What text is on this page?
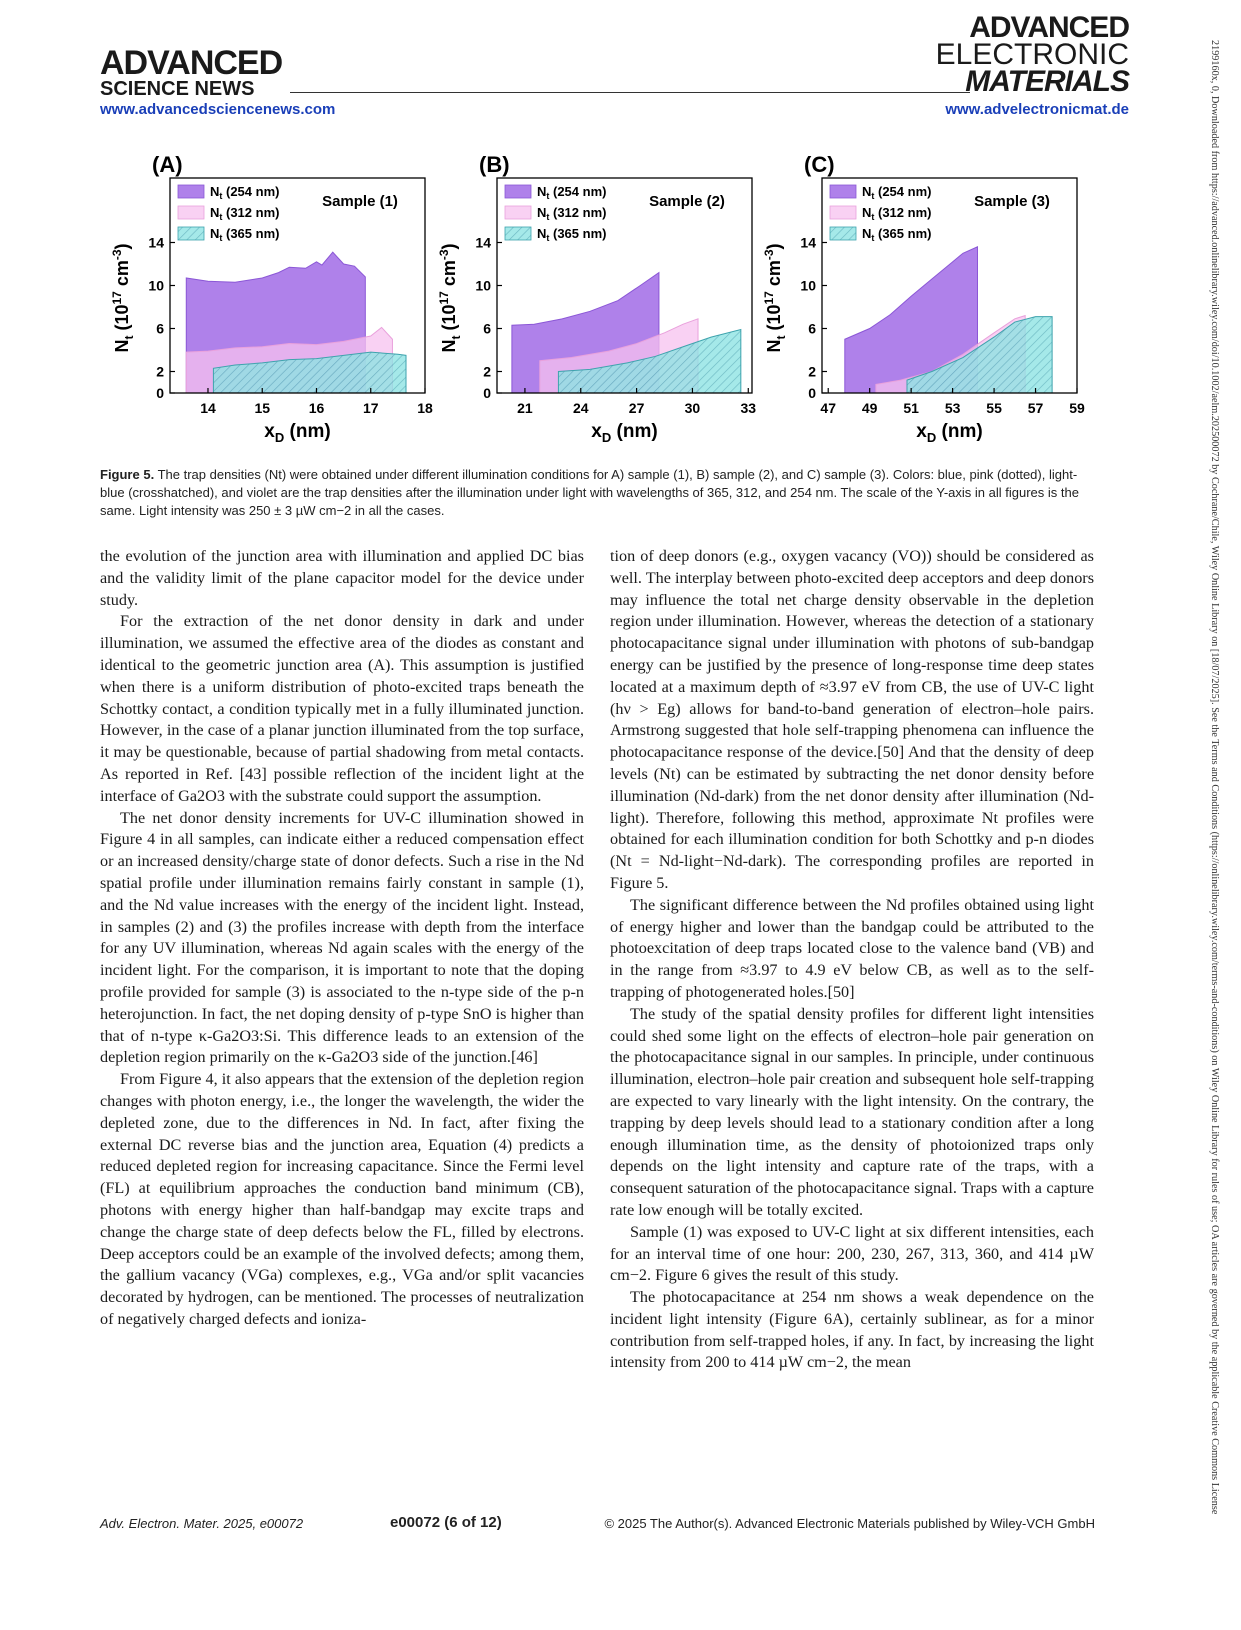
ADVANCED
SCIENCE NEWS
ADVANCED
ELECTRONIC
MATERIALS
www.advancedsciencenews.com	www.advelectronicmat.de	2199160x, 0, Downloaded from https://advanced.onlinelibrary.wiley.com/doi/10.1002/aelm.202500072 by Cochrane/Chile, Wiley Online Library on [18/07/2025]. See the Terms and Conditions (https://onlinelibrary.wiley.com/terms-and-conditions) on Wiley Online Library for rules of use; OA articles are governed by the applicable Creative Commons License
14	15	16	17	18
0
2
6
10
14
(A)
Sample (1)
$N_t$ (254 nm)
$N_t$ (312 nm)
$N_t$ (365 nm)
$x_D$ (nm)
$N_t$ ($10^{17}$ $cm^{-3}$)
21	24	27	30	33
0
2
6
10
14
(B)
Sample (2)
$N_t$ (254 nm)
$N_t$ (312 nm)
$N_t$ (365 nm)
$x_D$ (nm)
$N_t$ ($10^{17}$ $cm^{-3}$)
47 49 51 53 55 57 59
0
2
6
10
14
(C)
Sample (3)
$N_t$ (254 nm)
$N_t$ (312 nm)
$N_t$ (365 nm)
$x_D$ (nm)
$N_t$ ($10^{17}$ $cm^{-3}$)
Figure 5. The trap densities (Nt) were obtained under different illumination conditions for A) sample (1), B) sample (2), and C) sample (3). Colors: blue, pink (dotted), light-blue (crosshatched), and violet are the trap densities after the illumination under light with wavelengths of 365, 312, and 254 nm. The scale of the Y-axis in all figures is the same. Light intensity was 250 ± 3 µW cm−2 in all the cases.

the evolution of the junction area with illumination and applied DC bias and the validity limit of the plane capacitor model for the device under study.

For the extraction of the net donor density in dark and under illumination, we assumed the effective area of the diodes as constant and identical to the geometric junction area (A). This assumption is justified when there is a uniform distribution of photo-excited traps beneath the Schottky contact, a condition typically met in a fully illuminated junction. However, in the case of a planar junction illuminated from the top surface, it may be questionable, because of partial shadowing from metal contacts. As reported in Ref. [43] possible reflection of the incident light at the interface of Ga2O3 with the substrate could support the assumption.

The net donor density increments for UV-C illumination showed in Figure 4 in all samples, can indicate either a reduced compensation effect or an increased density/charge state of donor defects. Such a rise in the Nd spatial profile under illumination remains fairly constant in sample (1), and the Nd value increases with the energy of the incident light. Instead, in samples (2) and (3) the profiles increase with depth from the interface for any UV illumination, whereas Nd again scales with the energy of the incident light. For the comparison, it is important to note that the doping profile provided for sample (3) is associated to the n-type side of the p-n heterojunction. In fact, the net doping density of p-type SnO is higher than that of n-type κ-Ga2O3:Si. This difference leads to an extension of the depletion region primarily on the κ-Ga2O3 side of the junction.[46]

From Figure 4, it also appears that the extension of the depletion region changes with photon energy, i.e., the longer the wavelength, the wider the depleted zone, due to the differences in Nd. In fact, after fixing the external DC reverse bias and the junction area, Equation (4) predicts a reduced depleted region for increasing capacitance. Since the Fermi level (FL) at equilibrium approaches the conduction band minimum (CB), photons with energy higher than half-bandgap may excite traps and change the charge state of deep defects below the FL, filled by electrons. Deep acceptors could be an example of the involved defects; among them, the gallium vacancy (VGa) complexes, e.g., VGa and/or split vacancies decorated by hydrogen, can be mentioned. The processes of neutralization of negatively charged defects and ioniza-

tion of deep donors (e.g., oxygen vacancy (VO)) should be considered as well. The interplay between photo-excited deep acceptors and deep donors may influence the total net charge density observable in the depletion region under illumination. However, whereas the detection of a stationary photocapacitance signal under illumination with photons of sub-bandgap energy can be justified by the presence of long-response time deep states located at a maximum depth of ≈3.97 eV from CB, the use of UV-C light (hν > Eg) allows for band-to-band generation of electron–hole pairs. Armstrong suggested that hole self-trapping phenomena can influence the photocapacitance response of the device.[50] And that the density of deep levels (Nt) can be estimated by subtracting the net donor density before illumination (Nd-dark) from the net donor density after illumination (Nd-light). Therefore, following this method, approximate Nt profiles were obtained for each illumination condition for both Schottky and p-n diodes (Nt = Nd-light−Nd-dark). The corresponding profiles are reported in Figure 5.

The significant difference between the Nd profiles obtained using light of energy higher and lower than the bandgap could be attributed to the photoexcitation of deep traps located close to the valence band (VB) and in the range from ≈3.97 to 4.9 eV below CB, as well as to the self-trapping of photogenerated holes.[50]

The study of the spatial density profiles for different light intensities could shed some light on the effects of electron–hole pair generation on the photocapacitance signal in our samples. In principle, under continuous illumination, electron–hole pair creation and subsequent hole self-trapping are expected to vary linearly with the light intensity. On the contrary, the trapping by deep levels should lead to a stationary condition after a long enough illumination time, as the density of photoionized traps only depends on the light intensity and capture rate of the traps, with a consequent saturation of the photocapacitance signal. Traps with a capture rate low enough will be totally excited.

Sample (1) was exposed to UV-C light at six different intensities, each for an interval time of one hour: 200, 230, 267, 313, 360, and 414 µW cm−2. Figure 6 gives the result of this study.

The photocapacitance at 254 nm shows a weak dependence on the incident light intensity (Figure 6A), certainly sublinear, as for a minor contribution from self-trapped holes, if any. In fact, by increasing the light intensity from 200 to 414 µW cm−2, the mean

Adv. Electron. Mater. 2025, e00072	e00072 (6 of 12)	© 2025 The Author(s). Advanced Electronic Materials published by Wiley-VCH GmbH
